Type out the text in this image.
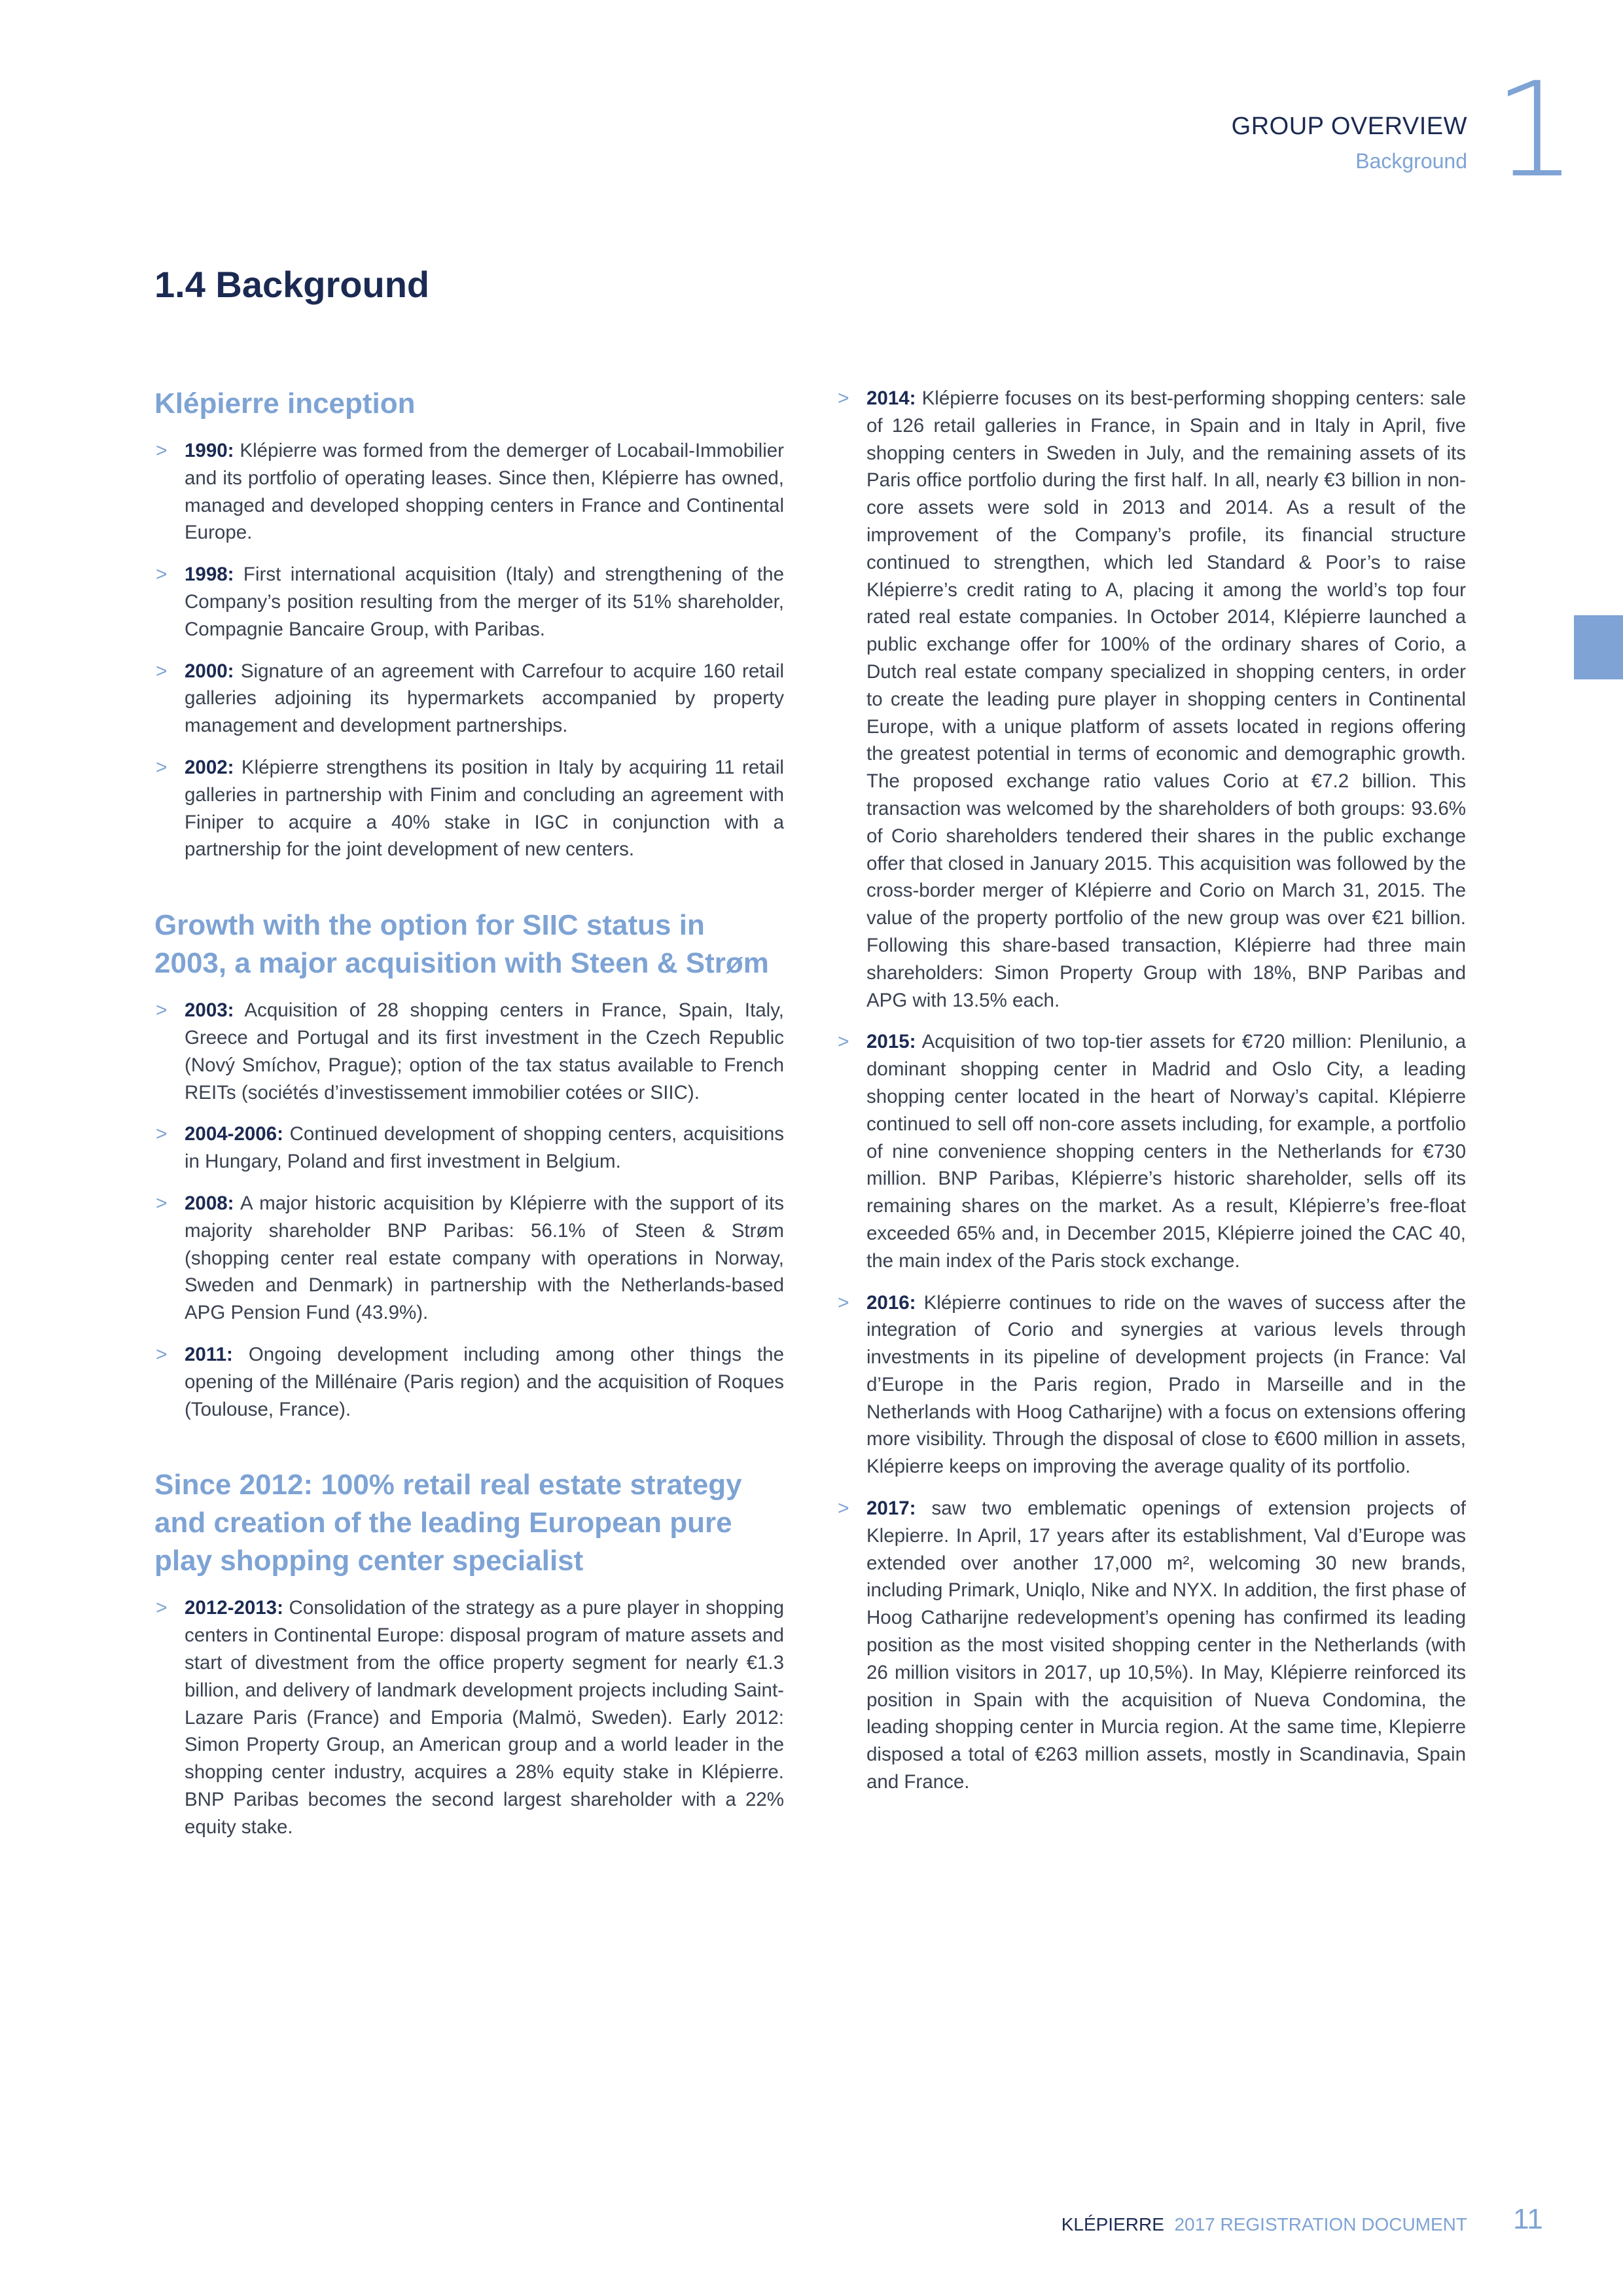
GROUP OVERVIEW
Background 1
1.4 Background
Klépierre inception
> 1990: Klépierre was formed from the demerger of Locabail-Immobilier and its portfolio of operating leases. Since then, Klépierre has owned, managed and developed shopping centers in France and Continental Europe.
> 1998: First international acquisition (Italy) and strengthening of the Company’s position resulting from the merger of its 51% shareholder, Compagnie Bancaire Group, with Paribas.
> 2000: Signature of an agreement with Carrefour to acquire 160 retail galleries adjoining its hypermarkets accompanied by property management and development partnerships.
> 2002: Klépierre strengthens its position in Italy by acquiring 11 retail galleries in partnership with Finim and concluding an agreement with Finiper to acquire a 40% stake in IGC in conjunction with a partnership for the joint development of new centers.
Growth with the option for SIIC status in 2003, a major acquisition with Steen & Strøm
> 2003: Acquisition of 28 shopping centers in France, Spain, Italy, Greece and Portugal and its first investment in the Czech Republic (Nový Smíchov, Prague); option of the tax status available to French REITs (sociétés d’investissement immobilier cotées or SIIC).
> 2004-2006: Continued development of shopping centers, acquisitions in Hungary, Poland and first investment in Belgium.
> 2008: A major historic acquisition by Klépierre with the support of its majority shareholder BNP Paribas: 56.1% of Steen & Strøm (shopping center real estate company with operations in Norway, Sweden and Denmark) in partnership with the Netherlands-based APG Pension Fund (43.9%).
> 2011: Ongoing development including among other things the opening of the Millénaire (Paris region) and the acquisition of Roques (Toulouse, France).
Since 2012: 100% retail real estate strategy and creation of the leading European pure play shopping center specialist
> 2012-2013: Consolidation of the strategy as a pure player in shopping centers in Continental Europe: disposal program of mature assets and start of divestment from the office property segment for nearly €1.3 billion, and delivery of landmark development projects including Saint-Lazare Paris (France) and Emporia (Malmö, Sweden). Early 2012: Simon Property Group, an American group and a world leader in the shopping center industry, acquires a 28% equity stake in Klépierre. BNP Paribas becomes the second largest shareholder with a 22% equity stake.
> 2014: Klépierre focuses on its best-performing shopping centers: sale of 126 retail galleries in France, in Spain and in Italy in April, five shopping centers in Sweden in July, and the remaining assets of its Paris office portfolio during the first half. In all, nearly €3 billion in non-core assets were sold in 2013 and 2014. As a result of the improvement of the Company’s profile, its financial structure continued to strengthen, which led Standard & Poor’s to raise Klépierre’s credit rating to A, placing it among the world’s top four rated real estate companies. In October 2014, Klépierre launched a public exchange offer for 100% of the ordinary shares of Corio, a Dutch real estate company specialized in shopping centers, in order to create the leading pure player in shopping centers in Continental Europe, with a unique platform of assets located in regions offering the greatest potential in terms of economic and demographic growth. The proposed exchange ratio values Corio at €7.2 billion. This transaction was welcomed by the shareholders of both groups: 93.6% of Corio shareholders tendered their shares in the public exchange offer that closed in January 2015. This acquisition was followed by the cross-border merger of Klépierre and Corio on March 31, 2015. The value of the property portfolio of the new group was over €21 billion. Following this share-based transaction, Klépierre had three main shareholders: Simon Property Group with 18%, BNP Paribas and APG with 13.5% each.
> 2015: Acquisition of two top-tier assets for €720 million: Plenilunio, a dominant shopping center in Madrid and Oslo City, a leading shopping center located in the heart of Norway’s capital. Klépierre continued to sell off non-core assets including, for example, a portfolio of nine convenience shopping centers in the Netherlands for €730 million. BNP Paribas, Klépierre’s historic shareholder, sells off its remaining shares on the market. As a result, Klépierre’s free-float exceeded 65% and, in December 2015, Klépierre joined the CAC 40, the main index of the Paris stock exchange.
> 2016: Klépierre continues to ride on the waves of success after the integration of Corio and synergies at various levels through investments in its pipeline of development projects (in France: Val d’Europe in the Paris region, Prado in Marseille and in the Netherlands with Hoog Catharijne) with a focus on extensions offering more visibility. Through the disposal of close to €600 million in assets, Klépierre keeps on improving the average quality of its portfolio.
> 2017: saw two emblematic openings of extension projects of Klepierre. In April, 17 years after its establishment, Val d’Europe was extended over another 17,000 m², welcoming 30 new brands, including Primark, Uniqlo, Nike and NYX. In addition, the first phase of Hoog Catharijne redevelopment’s opening has confirmed its leading position as the most visited shopping center in the Netherlands (with 26 million visitors in 2017, up 10,5%). In May, Klépierre reinforced its position in Spain with the acquisition of Nueva Condomina, the leading shopping center in Murcia region. At the same time, Klepierre disposed a total of €263 million assets, mostly in Scandinavia, Spain and France.
KLÉPIERRE 2017 REGISTRATION DOCUMENT 11
